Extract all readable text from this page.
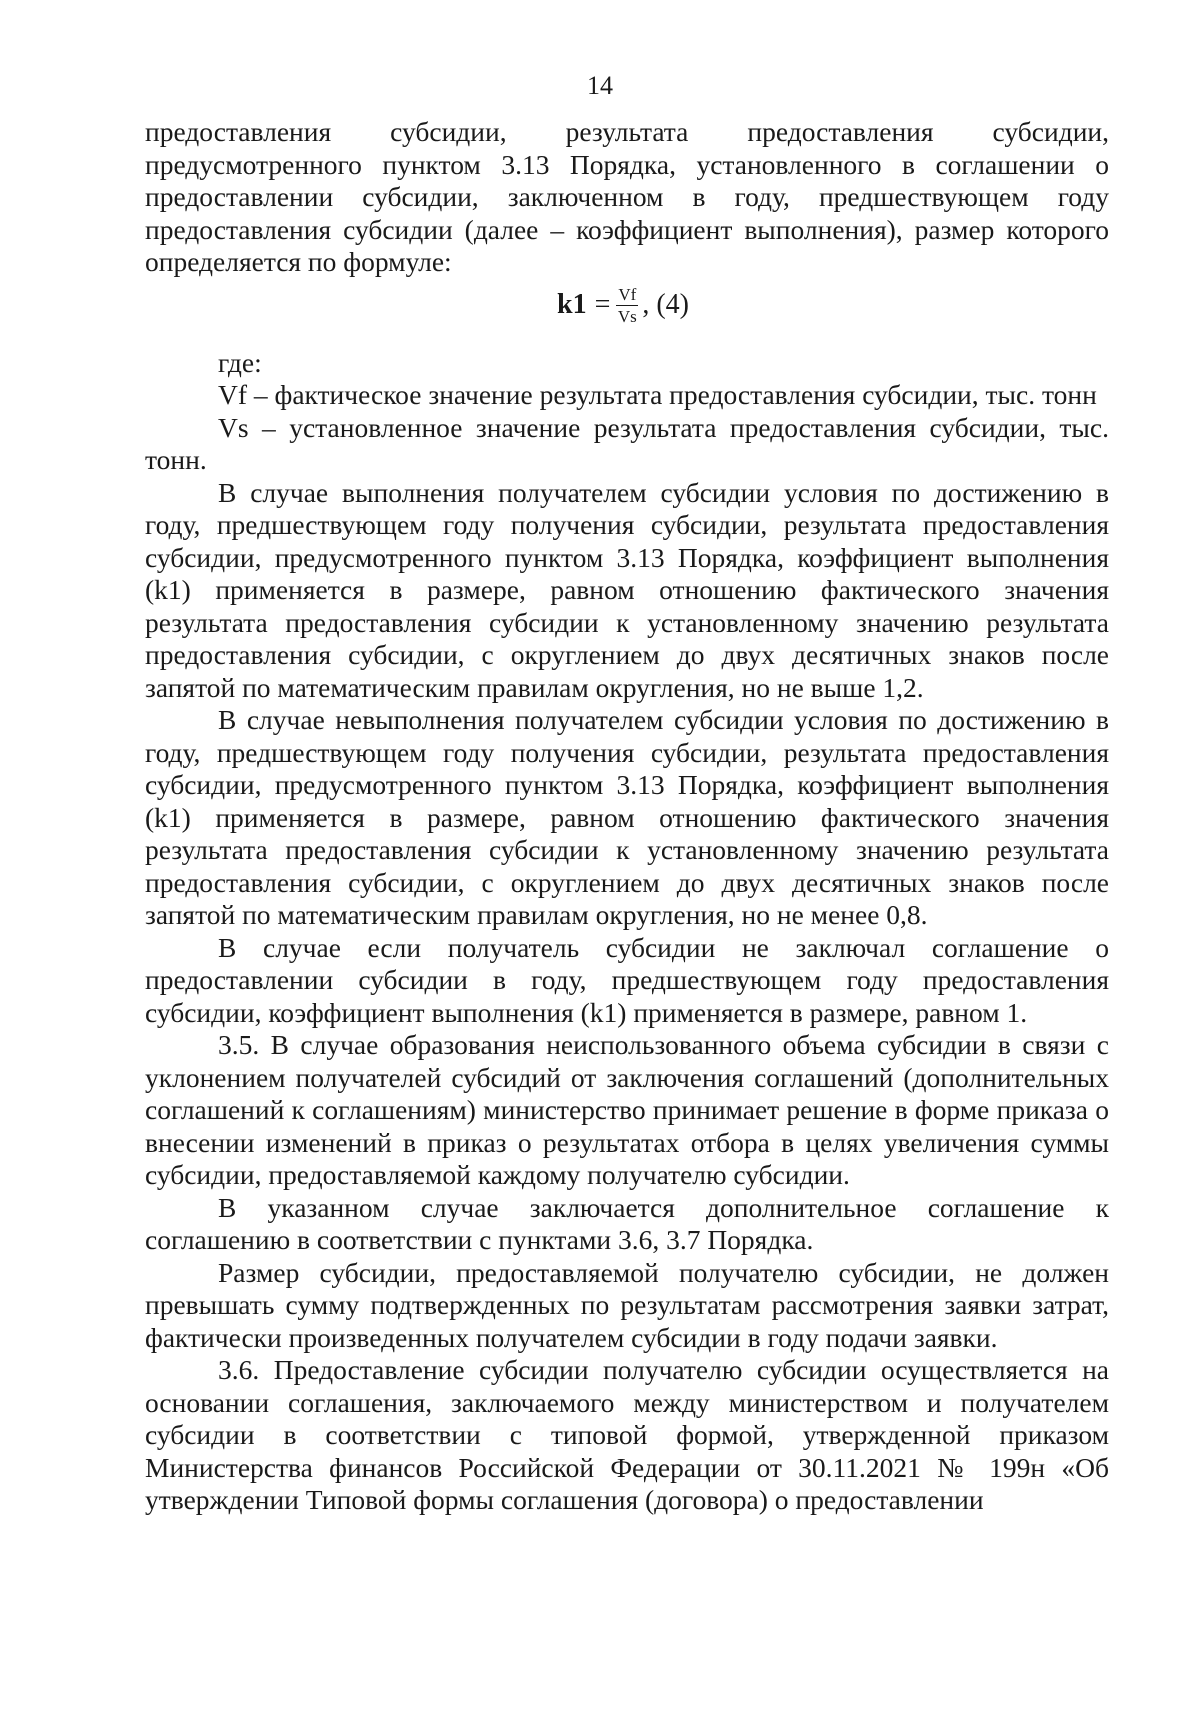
14

предоставления субсидии, результата предоставления субсидии, предусмотренного пунктом 3.13 Порядка, установленного в соглашении о предоставлении субсидии, заключенном в году, предшествующем году предоставления субсидии (далее – коэффициент выполнения), размер которого определяется по формуле:

$k1 = \frac{Vf}{Vs}$ , (4)

где:

Vf – фактическое значение результата предоставления субсидии, тыс. тонн

Vs – установленное значение результата предоставления субсидии, тыс. тонн.

В случае выполнения получателем субсидии условия по достижению в году, предшествующем году получения субсидии, результата предоставления субсидии, предусмотренного пунктом 3.13 Порядка, коэффициент выполнения (k1) применяется в размере, равном отношению фактического значения результата предоставления субсидии к установленному значению результата предоставления субсидии, с округлением до двух десятичных знаков после запятой по математическим правилам округления, но не выше 1,2.

В случае невыполнения получателем субсидии условия по достижению в году, предшествующем году получения субсидии, результата предоставления субсидии, предусмотренного пунктом 3.13 Порядка, коэффициент выполнения (k1) применяется в размере, равном отношению фактического значения результата предоставления субсидии к установленному значению результата предоставления субсидии, с округлением до двух десятичных знаков после запятой по математическим правилам округления, но не менее 0,8.

В случае если получатель субсидии не заключал соглашение о предоставлении субсидии в году, предшествующем году предоставления субсидии, коэффициент выполнения (k1) применяется в размере, равном 1.

3.5. В случае образования неиспользованного объема субсидии в связи с уклонением получателей субсидий от заключения соглашений (дополнительных соглашений к соглашениям) министерство принимает решение в форме приказа о внесении изменений в приказ о результатах отбора в целях увеличения суммы субсидии, предоставляемой каждому получателю субсидии.

В указанном случае заключается дополнительное соглашение к соглашению в соответствии с пунктами 3.6, 3.7 Порядка.

Размер субсидии, предоставляемой получателю субсидии, не должен превышать сумму подтвержденных по результатам рассмотрения заявки затрат, фактически произведенных получателем субсидии в году подачи заявки.

3.6. Предоставление субсидии получателю субсидии осуществляется на основании соглашения, заключаемого между министерством и получателем субсидии в соответствии с типовой формой, утвержденной приказом Министерства финансов Российской Федерации от 30.11.2021 № 199н «Об утверждении Типовой формы соглашения (договора) о предоставлении
